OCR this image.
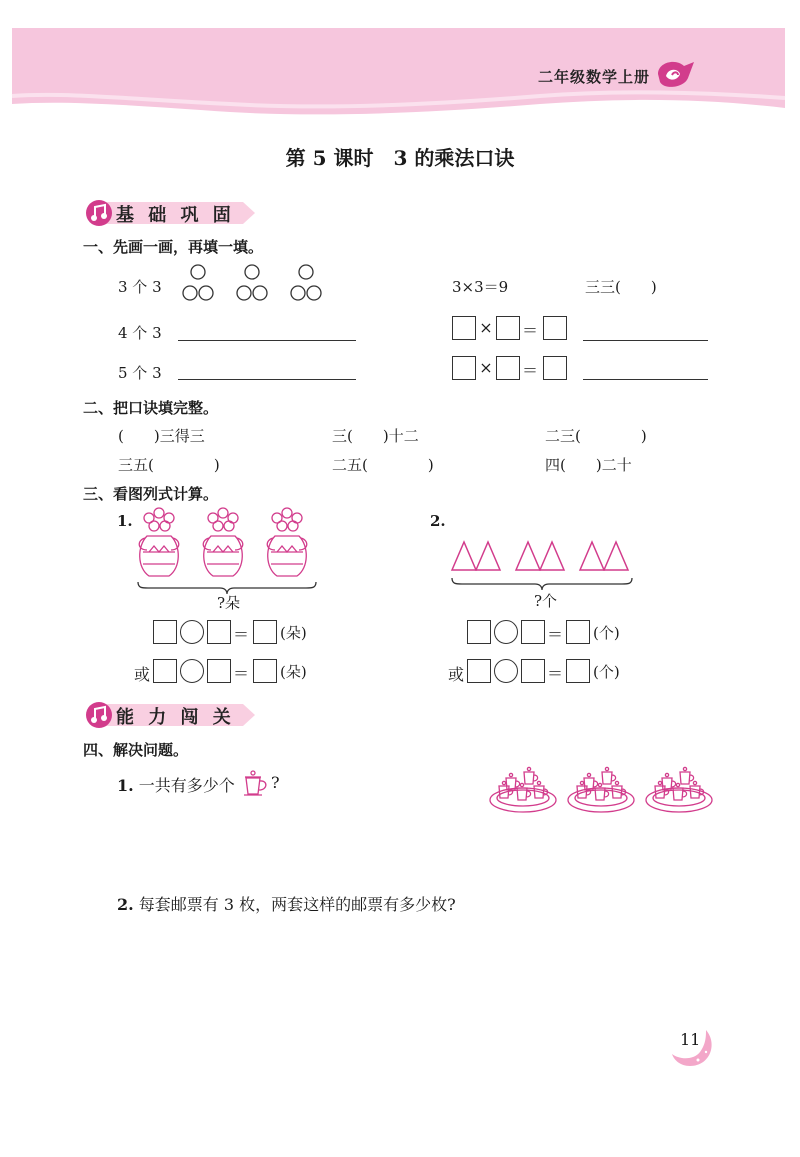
二年级数学上册
第 5 课时　3 的乘法口诀
基 础 巩 固
一、先画一画，再填一填。
3 个 3	3×3＝9	三三(　　)
4 个 3	× ＝
5 个 3	× ＝
二、把口诀填完整。
(　　)三得三	三(　　)十二	二三(　　　　)
三五(　　　　)	二五(　　　　)	四(　　)二十
三、看图列式计算。
1.
?朵
＝ (朵)
或	＝ (朵)
2.
?个
＝ (个)
或	＝ (个)
能 力 闯 关
四、解决问题。
1. 一共有多少个 ?
2. 每套邮票有 3 枚，两套这样的邮票有多少枚?
11
